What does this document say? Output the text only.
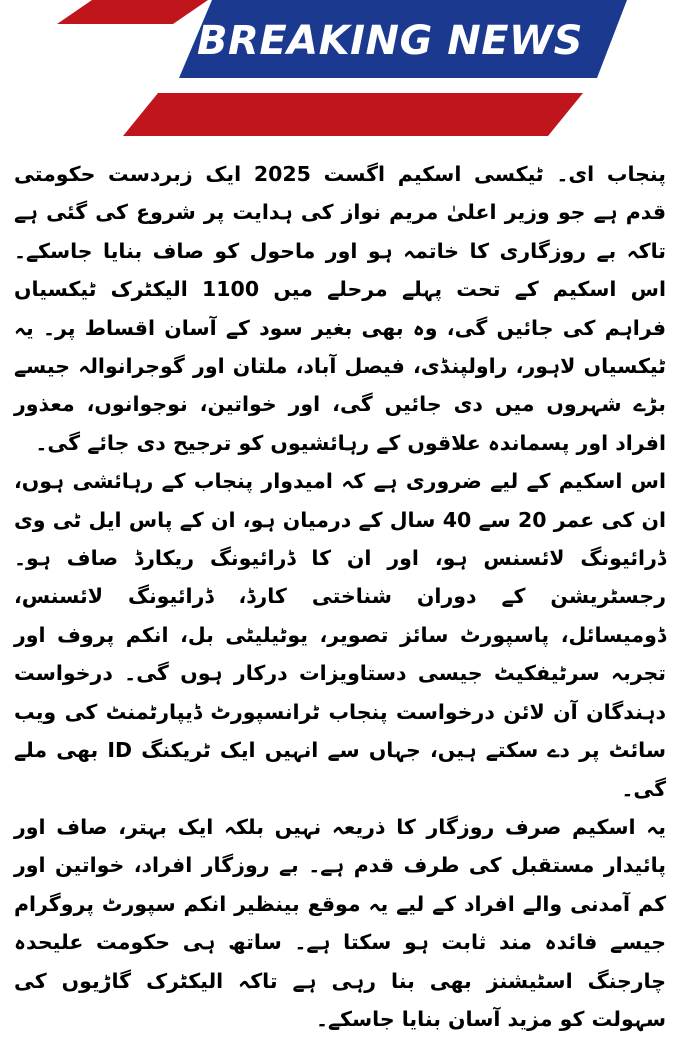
BREAKING NEWS

پنجاب ای۔ ٹیکسی اسکیم اگست 2025 ایک زبردست حکومتی قدم ہے جو وزیر اعلیٰ مریم نواز کی ہدایت پر شروع کی گئی ہے تاکہ بے روزگاری کا خاتمہ ہو اور ماحول کو صاف بنایا جاسکے۔ اس اسکیم کے تحت پہلے مرحلے میں 1100 الیکٹرک ٹیکسیاں فراہم کی جائیں گی، وہ بھی بغیر سود کے آسان اقساط پر۔ یہ ٹیکسیاں لاہور، راولپنڈی، فیصل آباد، ملتان اور گوجرانوالہ جیسے بڑے شہروں میں دی جائیں گی، اور خواتین، نوجوانوں، معذور افراد اور پسماندہ علاقوں کے رہائشیوں کو ترجیح دی جائے گی۔

اس اسکیم کے لیے ضروری ہے کہ امیدوار پنجاب کے رہائشی ہوں، ان کی عمر 20 سے 40 سال کے درمیان ہو، ان کے پاس ایل ٹی وی ڈرائیونگ لائسنس ہو، اور ان کا ڈرائیونگ ریکارڈ صاف ہو۔ رجسٹریشن کے دوران شناختی کارڈ، ڈرائیونگ لائسنس، ڈومیسائل، پاسپورٹ سائز تصویر، یوٹیلیٹی بل، انکم پروف اور تجربہ سرٹیفکیٹ جیسی دستاویزات درکار ہوں گی۔ درخواست دہندگان آن لائن درخواست پنجاب ٹرانسپورٹ ڈیپارٹمنٹ کی ویب سائٹ پر دے سکتے ہیں، جہاں سے انہیں ایک ٹریکنگ ID بھی ملے گی۔

یہ اسکیم صرف روزگار کا ذریعہ نہیں بلکہ ایک بہتر، صاف اور پائیدار مستقبل کی طرف قدم ہے۔ بے روزگار افراد، خواتین اور کم آمدنی والے افراد کے لیے یہ موقع بینظیر انکم سپورٹ پروگرام جیسے فائدہ مند ثابت ہو سکتا ہے۔ ساتھ ہی حکومت علیحدہ چارجنگ اسٹیشنز بھی بنا رہی ہے تاکہ الیکٹرک گاڑیوں کی سہولت کو مزید آسان بنایا جاسکے۔
